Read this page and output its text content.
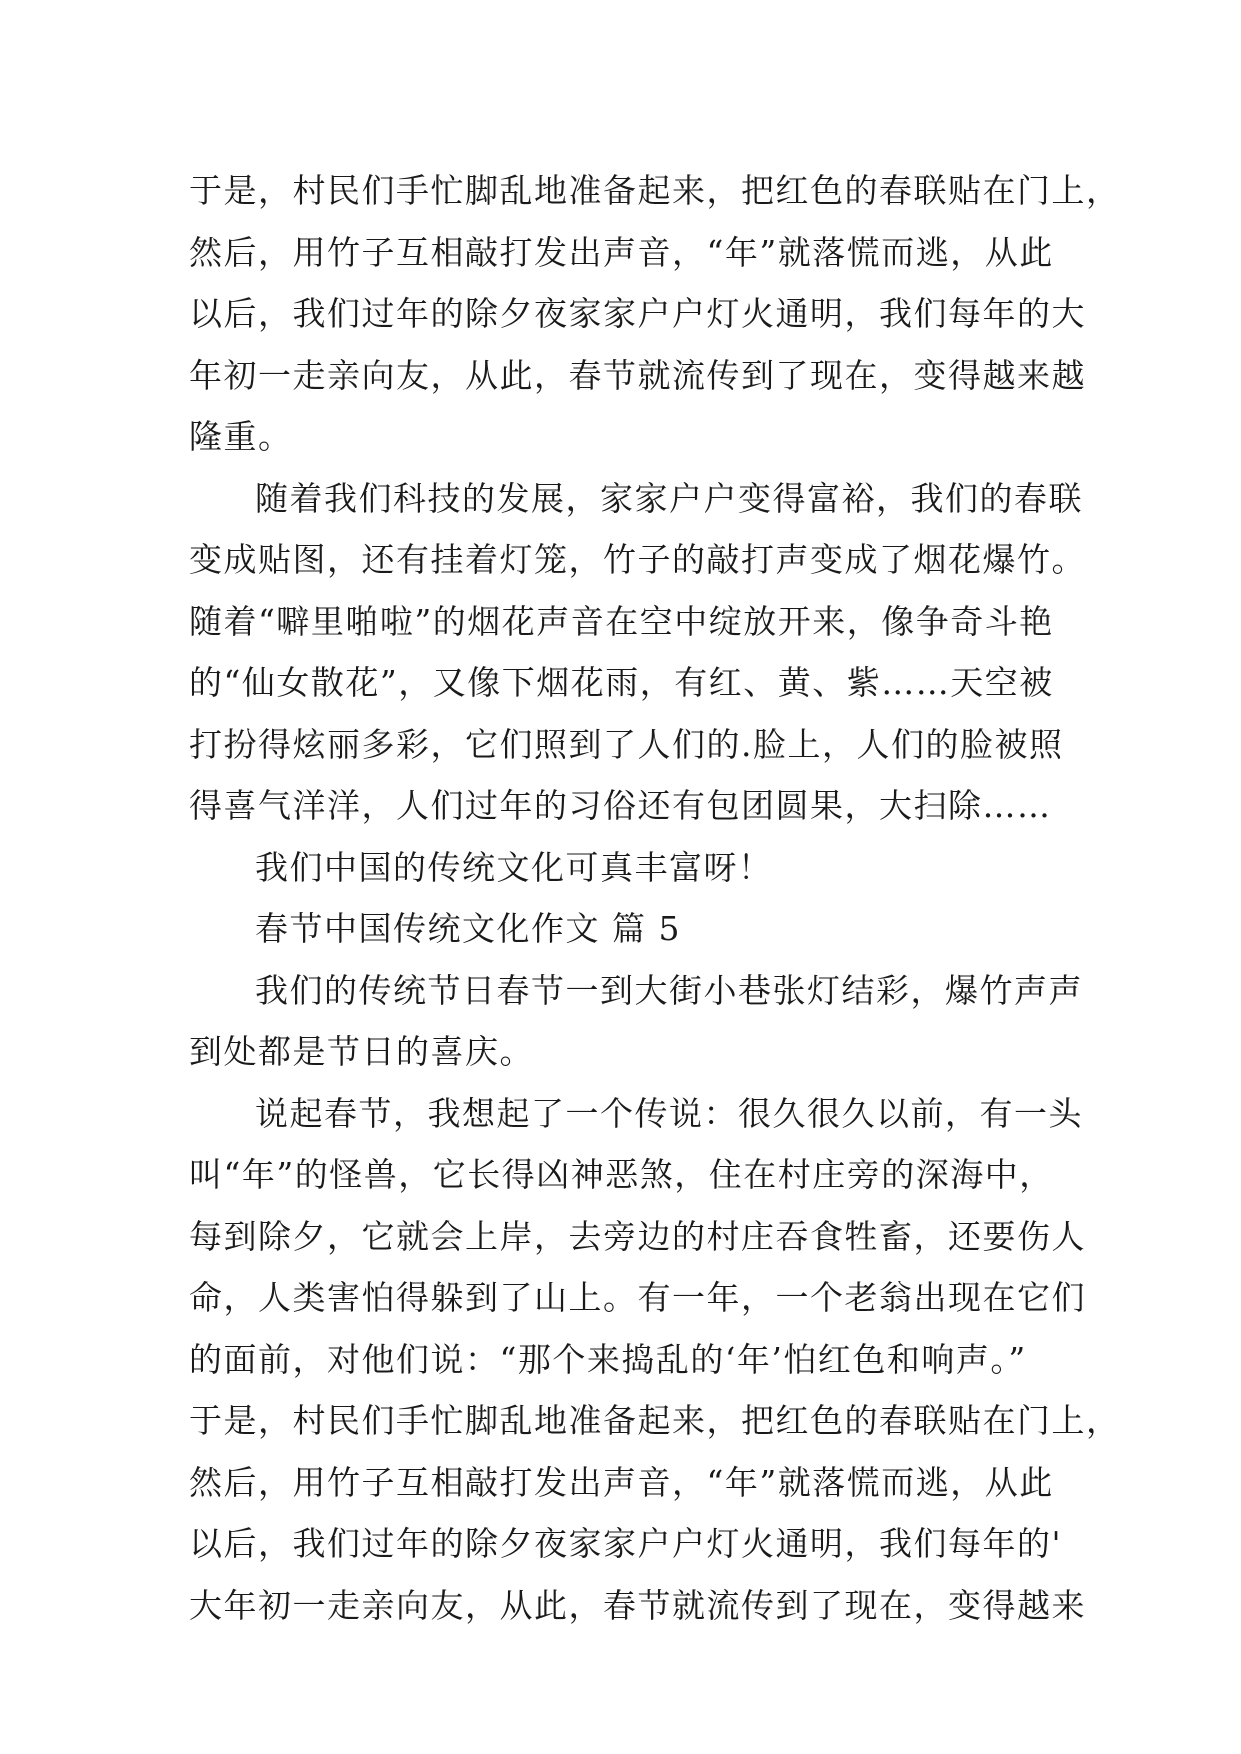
于是，村民们手忙脚乱地准备起来，把红色的春联贴在门上，
然后，用竹子互相敲打发出声音，“年”就落慌而逃，从此
以后，我们过年的除夕夜家家户户灯火通明，我们每年的大
年初一走亲向友，从此，春节就流传到了现在，变得越来越
隆重。
随着我们科技的发展，家家户户变得富裕，我们的春联
变成贴图，还有挂着灯笼，竹子的敲打声变成了烟花爆竹。
随着“噼里啪啦”的烟花声音在空中绽放开来，像争奇斗艳
的“仙女散花”，又像下烟花雨，有红、黄、紫……天空被
打扮得炫丽多彩，它们照到了人们的.脸上，人们的脸被照
得喜气洋洋，人们过年的习俗还有包团圆果，大扫除……
我们中国的传统文化可真丰富呀！
春节中国传统文化作文 篇 5
我们的传统节日春节一到大街小巷张灯结彩，爆竹声声
到处都是节日的喜庆。
说起春节，我想起了一个传说：很久很久以前，有一头
叫“年”的怪兽，它长得凶神恶煞，住在村庄旁的深海中，
每到除夕，它就会上岸，去旁边的村庄吞食牲畜，还要伤人
命，人类害怕得躲到了山上。有一年，一个老翁出现在它们
的面前，对他们说：“那个来捣乱的‘年’怕红色和响声。”
于是，村民们手忙脚乱地准备起来，把红色的春联贴在门上，
然后，用竹子互相敲打发出声音，“年”就落慌而逃，从此
以后，我们过年的除夕夜家家户户灯火通明，我们每年的'
大年初一走亲向友，从此，春节就流传到了现在，变得越来
